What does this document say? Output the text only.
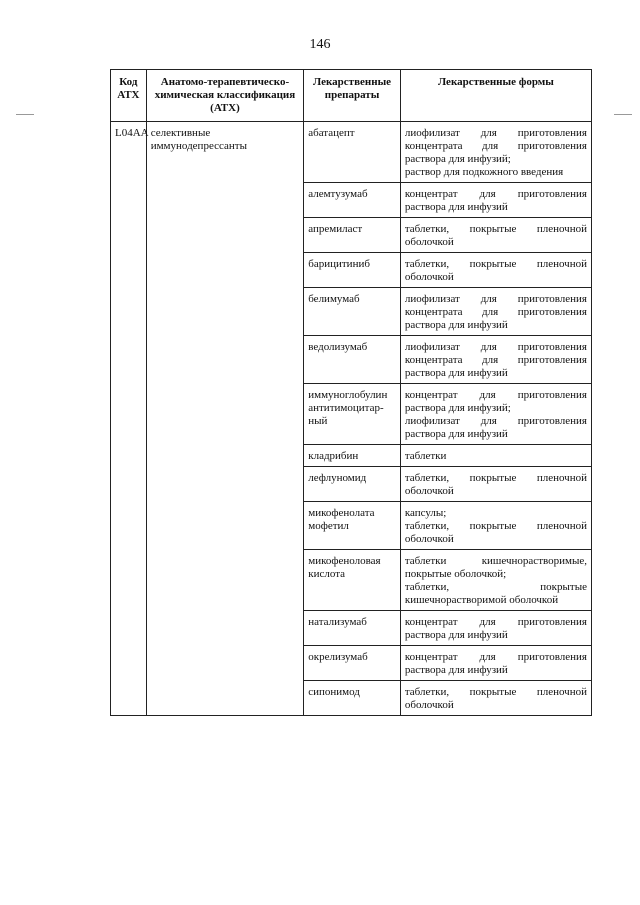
146
Код АТХ	Анатомо-терапевтическо-химическая классификация (АТХ)	Лекарственные препараты	Лекарственные формы
L04AA	селективные иммунодепрессанты	абатацепт	лиофилизат для приготовления концентрата для приготовления раствора для инфузий;
раствор для подкожного введения

		алемтузумаб	концентрат для приготовления раствора для инфузий

		апремиласт	таблетки, покрытые пленочной оболочкой

		барицитиниб	таблетки, покрытые пленочной оболочкой

		белимумаб	лиофилизат для приготовления концентрата для приготовления раствора для инфузий

		ведолизумаб	лиофилизат для приготовления концентрата для приготовления раствора для инфузий

		иммуноглобулин
антитимоцитар-
ный	концентрат для приготовления раствора для инфузий;
лиофилизат для приготовления раствора для инфузий

		кладрибин	таблетки

		лефлуномид	таблетки, покрытые пленочной оболочкой

		микофенолата
мофетил	капсулы;
таблетки, покрытые пленочной оболочкой

		микофеноловая
кислота	таблетки кишечнорастворимые, покрытые оболочкой;
таблетки, покрытые кишечнорастворимой оболочкой

		натализумаб	концентрат для приготовления раствора для инфузий

		окрелизумаб	концентрат для приготовления раствора для инфузий

		сипонимод	таблетки, покрытые пленочной оболочкой
